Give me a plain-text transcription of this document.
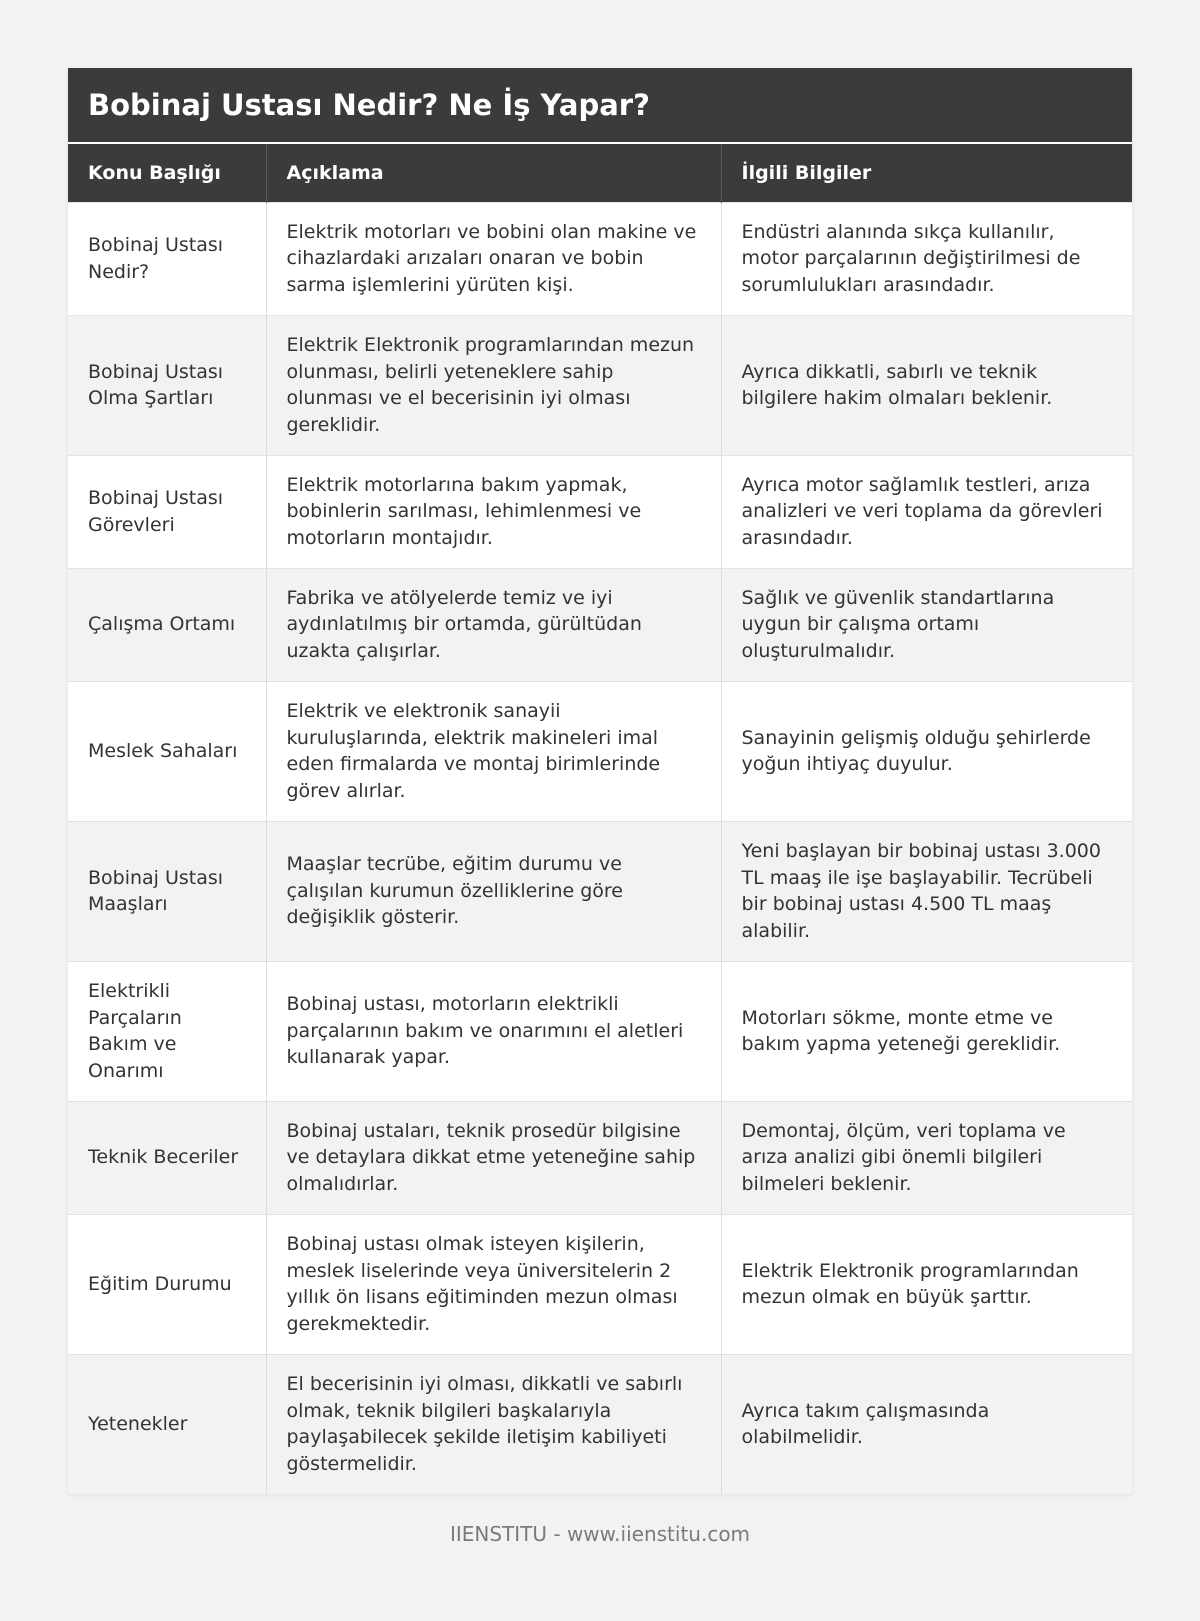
Bobinaj Ustası Nedir? Ne İş Yapar?
Konu Başlığı	Açıklama	İlgili Bilgiler
Bobinaj Ustası Nedir?	Elektrik motorları ve bobini olan makine ve cihazlardaki arızaları onaran ve bobin sarma işlemlerini yürüten kişi.	Endüstri alanında sıkça kullanılır, motor parçalarının değiştirilmesi de sorumlulukları arasındadır.
Bobinaj Ustası Olma Şartları	Elektrik Elektronik programlarından mezun olunması, belirli yeteneklere sahip olunması ve el becerisinin iyi olması gereklidir.	Ayrıca dikkatli, sabırlı ve teknik bilgilere hakim olmaları beklenir.
Bobinaj Ustası Görevleri	Elektrik motorlarına bakım yapmak, bobinlerin sarılması, lehimlenmesi ve motorların montajıdır.	Ayrıca motor sağlamlık testleri, arıza analizleri ve veri toplama da görevleri arasındadır.
Çalışma Ortamı	Fabrika ve atölyelerde temiz ve iyi aydınlatılmış bir ortamda, gürültüdan uzakta çalışırlar.	Sağlık ve güvenlik standartlarına uygun bir çalışma ortamı oluşturulmalıdır.
Meslek Sahaları	Elektrik ve elektronik sanayii kuruluşlarında, elektrik makineleri imal eden firmalarda ve montaj birimlerinde görev alırlar.	Sanayinin gelişmiş olduğu şehirlerde yoğun ihtiyaç duyulur.
Bobinaj Ustası Maaşları	Maaşlar tecrübe, eğitim durumu ve çalışılan kurumun özelliklerine göre değişiklik gösterir.	Yeni başlayan bir bobinaj ustası 3.000 TL maaş ile işe başlayabilir. Tecrübeli bir bobinaj ustası 4.500 TL maaş alabilir.
Elektrikli Parçaların Bakım ve Onarımı	Bobinaj ustası, motorların elektrikli parçalarının bakım ve onarımını el aletleri kullanarak yapar.	Motorları sökme, monte etme ve bakım yapma yeteneği gereklidir.
Teknik Beceriler	Bobinaj ustaları, teknik prosedür bilgisine ve detaylara dikkat etme yeteneğine sahip olmalıdırlar.	Demontaj, ölçüm, veri toplama ve arıza analizi gibi önemli bilgileri bilmeleri beklenir.
Eğitim Durumu	Bobinaj ustası olmak isteyen kişilerin, meslek liselerinde veya üniversitelerin 2 yıllık ön lisans eğitiminden mezun olması gerekmektedir.	Elektrik Elektronik programlarından mezun olmak en büyük şarttır.
Yetenekler	El becerisinin iyi olması, dikkatli ve sabırlı olmak, teknik bilgileri başkalarıyla paylaşabilecek şekilde iletişim kabiliyeti göstermelidir.	Ayrıca takım çalışmasında olabilmelidir.
IIENSTITU - www.iienstitu.com
